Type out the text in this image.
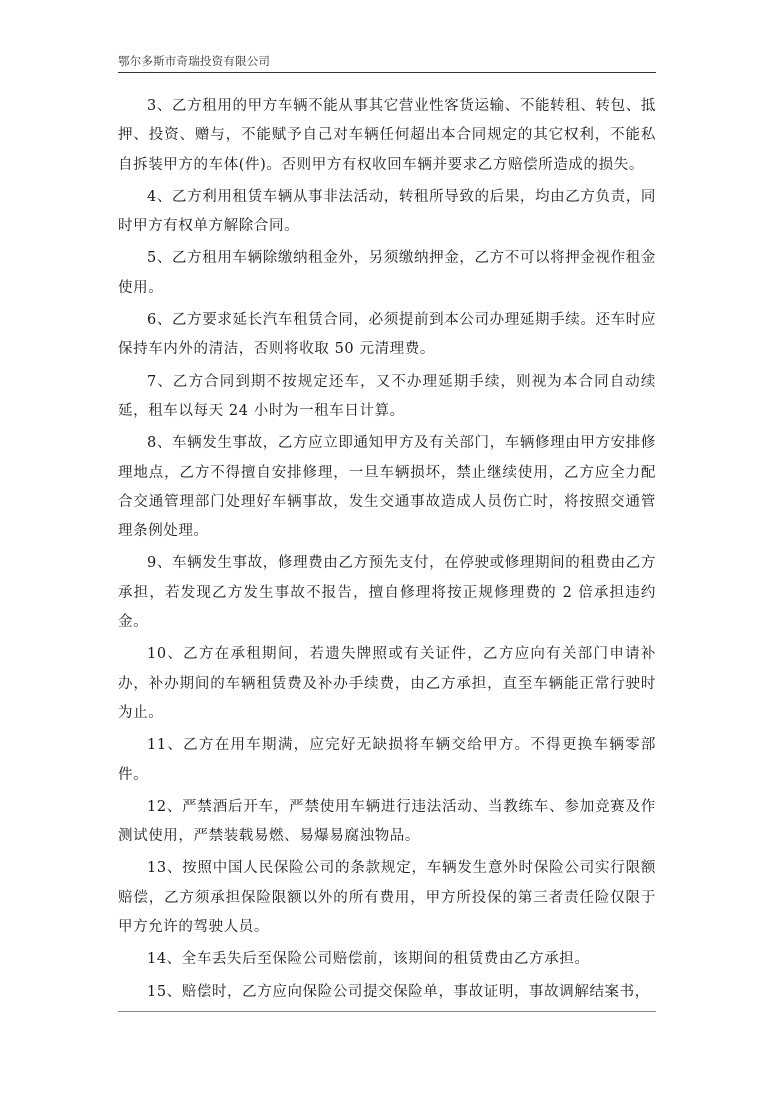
鄂尔多斯市奇瑞投资有限公司

3、乙方租用的甲方车辆不能从事其它营业性客货运输、不能转租、转包、抵押、投资、赠与，不能赋予自己对车辆任何超出本合同规定的其它权利，不能私自拆装甲方的车体(件)。否则甲方有权收回车辆并要求乙方赔偿所造成的损失。

4、乙方利用租赁车辆从事非法活动，转租所导致的后果，均由乙方负责，同时甲方有权单方解除合同。

5、乙方租用车辆除缴纳租金外，另须缴纳押金，乙方不可以将押金视作租金使用。

6、乙方要求延长汽车租赁合同，必须提前到本公司办理延期手续。还车时应保持车内外的清洁，否则将收取 50 元清理费。

7、乙方合同到期不按规定还车，又不办理延期手续，则视为本合同自动续延，租车以每天 24 小时为一租车日计算。

8、车辆发生事故，乙方应立即通知甲方及有关部门，车辆修理由甲方安排修理地点，乙方不得擅自安排修理，一旦车辆损坏，禁止继续使用，乙方应全力配合交通管理部门处理好车辆事故，发生交通事故造成人员伤亡时，将按照交通管理条例处理。

9、车辆发生事故，修理费由乙方预先支付，在停驶或修理期间的租费由乙方承担，若发现乙方发生事故不报告，擅自修理将按正规修理费的 2 倍承担违约金。

10、乙方在承租期间，若遗失牌照或有关证件，乙方应向有关部门申请补办，补办期间的车辆租赁费及补办手续费，由乙方承担，直至车辆能正常行驶时为止。

11、乙方在用车期满，应完好无缺损将车辆交给甲方。不得更换车辆零部件。

12、严禁酒后开车，严禁使用车辆进行违法活动、当教练车、参加竞赛及作测试使用，严禁装载易燃、易爆易腐浊物品。

13、按照中国人民保险公司的条款规定，车辆发生意外时保险公司实行限额赔偿，乙方须承担保险限额以外的所有费用，甲方所投保的第三者责任险仅限于甲方允许的驾驶人员。

14、全车丢失后至保险公司赔偿前，该期间的租赁费由乙方承担。

15、赔偿时，乙方应向保险公司提交保险单，事故证明，事故调解结案书，
